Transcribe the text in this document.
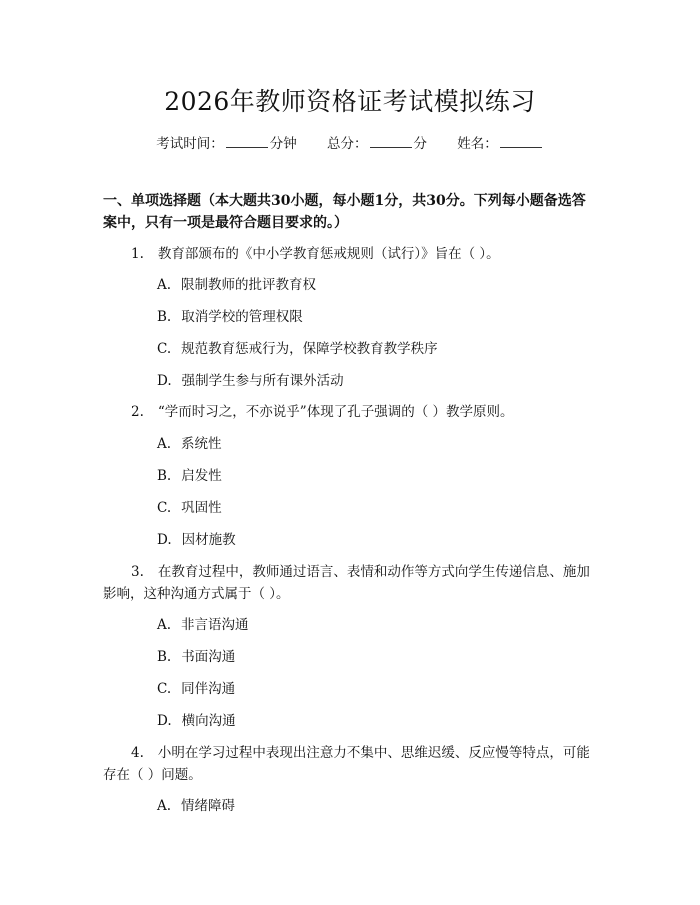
2026年教师资格证考试模拟练习
考试时间：	分钟 总分：	分 姓名：
一、单项选择题（本大题共30小题，每小题1分，共30分。下列每小题备选答案中，只有一项是最符合题目要求的。）
1. 教育部颁布的《中小学教育惩戒规则（试行）》旨在（ ）。
A. 限制教师的批评教育权
B. 取消学校的管理权限
C. 规范教育惩戒行为，保障学校教育教学秩序
D. 强制学生参与所有课外活动
2. “学而时习之，不亦说乎”体现了孔子强调的（ ）教学原则。
A. 系统性
B. 启发性
C. 巩固性
D. 因材施教
3. 在教育过程中，教师通过语言、表情和动作等方式向学生传递信息、施加影响，这种沟通方式属于（ ）。
A. 非言语沟通
B. 书面沟通
C. 同伴沟通
D. 横向沟通
4. 小明在学习过程中表现出注意力不集中、思维迟缓、反应慢等特点，可能存在（ ）问题。
A. 情绪障碍
